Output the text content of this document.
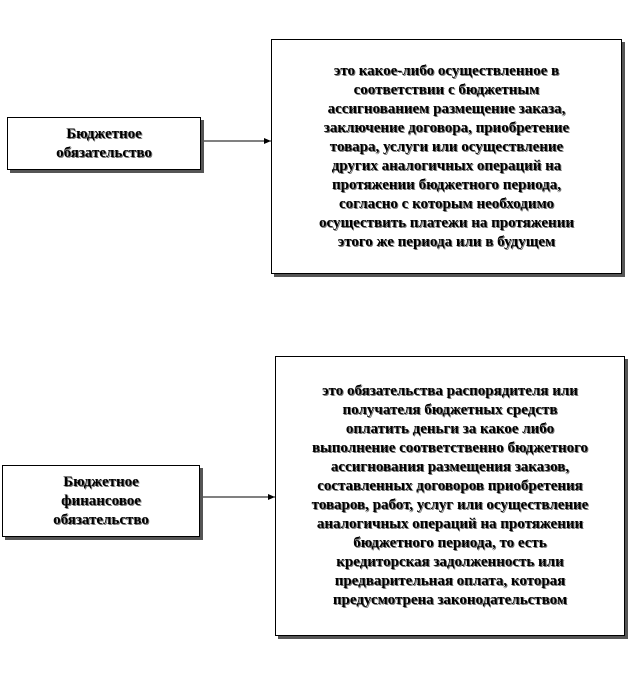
Бюджетное
обязательство
это какое-либо осуществленное в
соответствии с бюджетным
ассигнованием размещение заказа,
заключение договора, приобретение
товара, услуги или осуществление
других аналогичных операций на
протяжении бюджетного периода,
согласно с которым необходимо
осуществить платежи на протяжении
этого же периода или в будущем
Бюджетное
финансовое
обязательство
это обязательства распорядителя или
получателя бюджетных средств
оплатить деньги за какое либо
выполнение соответственно бюджетного
ассигнования размещения заказов,
составленных договоров приобретения
товаров, работ, услуг или осуществление
аналогичных операций на протяжении
бюджетного периода, то есть
кредиторская задолженность или
предварительная оплата, которая
предусмотрена законодательством
